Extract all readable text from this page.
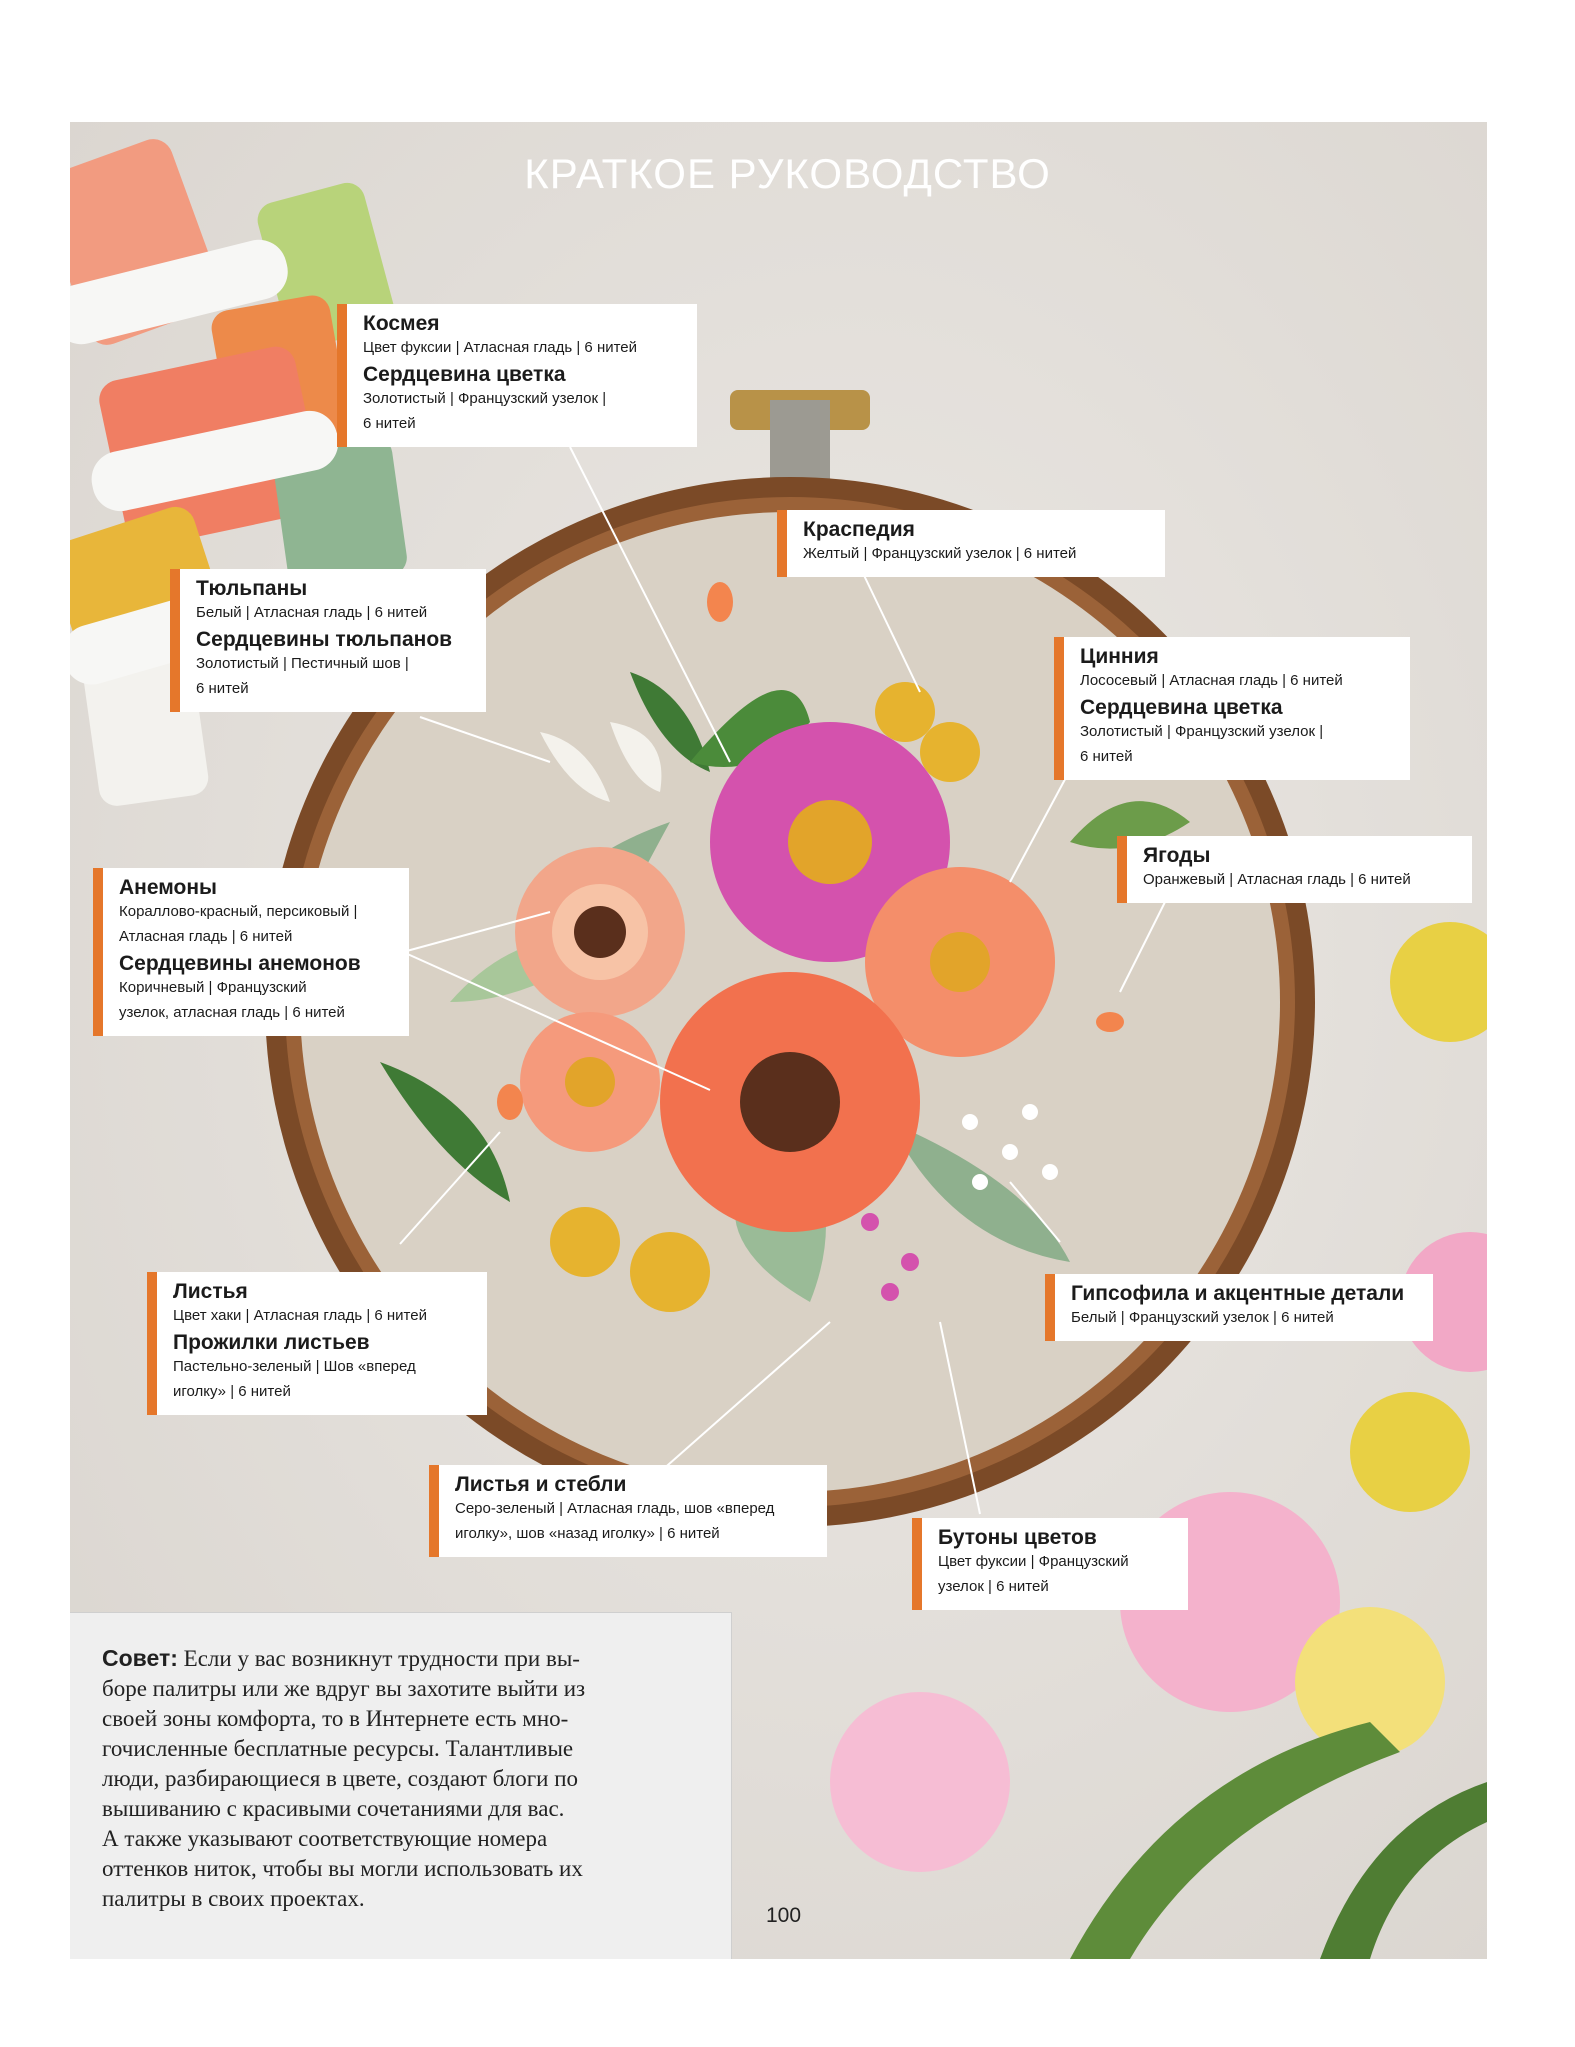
КРАТКОЕ РУКОВОДСТВО
Космея
Цвет фуксии | Атласная гладь | 6 нитей
Сердцевина цветка
Золотистый | Французский узелок |
6 нитей
Краспедия
Желтый | Французский узелок | 6 нитей
Тюльпаны
Белый | Атласная гладь | 6 нитей
Сердцевины тюльпанов
Золотистый | Пестичный шов |
6 нитей
Цинния
Лососевый | Атласная гладь | 6 нитей
Сердцевина цветка
Золотистый | Французский узелок |
6 нитей
Ягоды
Оранжевый | Атласная гладь | 6 нитей
Анемоны
Кораллово-красный, персиковый |
Атласная гладь | 6 нитей
Сердцевины анемонов
Коричневый | Французский
узелок, атласная гладь | 6 нитей
Листья
Цвет хаки | Атласная гладь | 6 нитей
Прожилки листьев
Пастельно-зеленый | Шов «вперед
иголку» | 6 нитей
Гипсофила и акцентные детали
Белый | Французский узелок | 6 нитей
Листья и стебли
Серо-зеленый | Атласная гладь, шов «вперед
иголку», шов «назад иголку» | 6 нитей	Бутоны цветов
Цвет фуксии | Французский
узелок | 6 нитей
Совет: Если у вас возникнут трудности при вы-
боре палитры или же вдруг вы захотите выйти из
своей зоны комфорта, то в Интернете есть мно-
гочисленные бесплатные ресурсы. Талантливые
люди, разбирающиеся в цвете, создают блоги по
вышиванию с красивыми сочетаниями для вас.
А также указывают соответствующие номера
оттенков ниток, чтобы вы могли использовать их
палитры в своих проектах.
100
